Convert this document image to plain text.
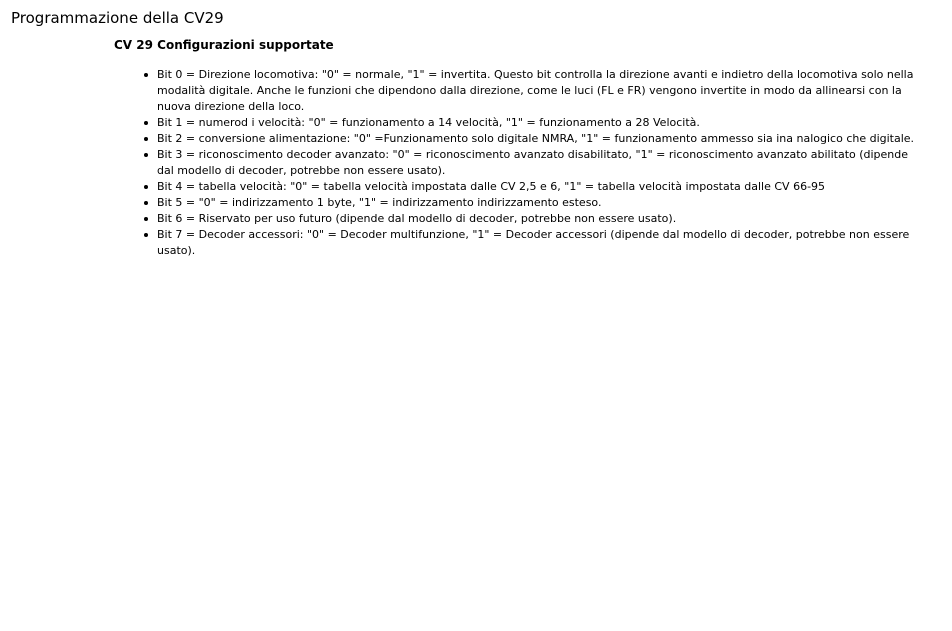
Programmazione della CV29
CV 29 Configurazioni supportate
Bit 0 = Direzione locomotiva: "0" = normale, "1" = invertita. Questo bit controlla la direzione avanti e indietro della locomotiva solo nella modalità digitale. Anche le funzioni che dipendono dalla direzione, come le luci (FL e FR) vengono invertite in modo da allinearsi con la nuova direzione della loco.
Bit 1 = numerod i velocità: "0" = funzionamento a 14 velocità, "1" = funzionamento a 28 Velocità.
Bit 2 = conversione alimentazione: "0" =Funzionamento solo digitale NMRA, "1" = funzionamento ammesso sia ina nalogico che digitale.
Bit 3 = riconoscimento decoder avanzato: "0" = riconoscimento avanzato disabilitato, "1" = riconoscimento avanzato abilitato (dipende dal modello di decoder, potrebbe non essere usato).
Bit 4 = tabella velocità: "0" = tabella velocità impostata dalle CV 2,5 e 6, "1" = tabella velocità impostata dalle CV 66-95
Bit 5 = "0" = indirizzamento 1 byte, "1" = indirizzamento indirizzamento esteso.
Bit 6 = Riservato per uso futuro (dipende dal modello di decoder, potrebbe non essere usato).
Bit 7 = Decoder accessori: "0" = Decoder multifunzione, "1" = Decoder accessori (dipende dal modello di decoder, potrebbe non essere usato).
